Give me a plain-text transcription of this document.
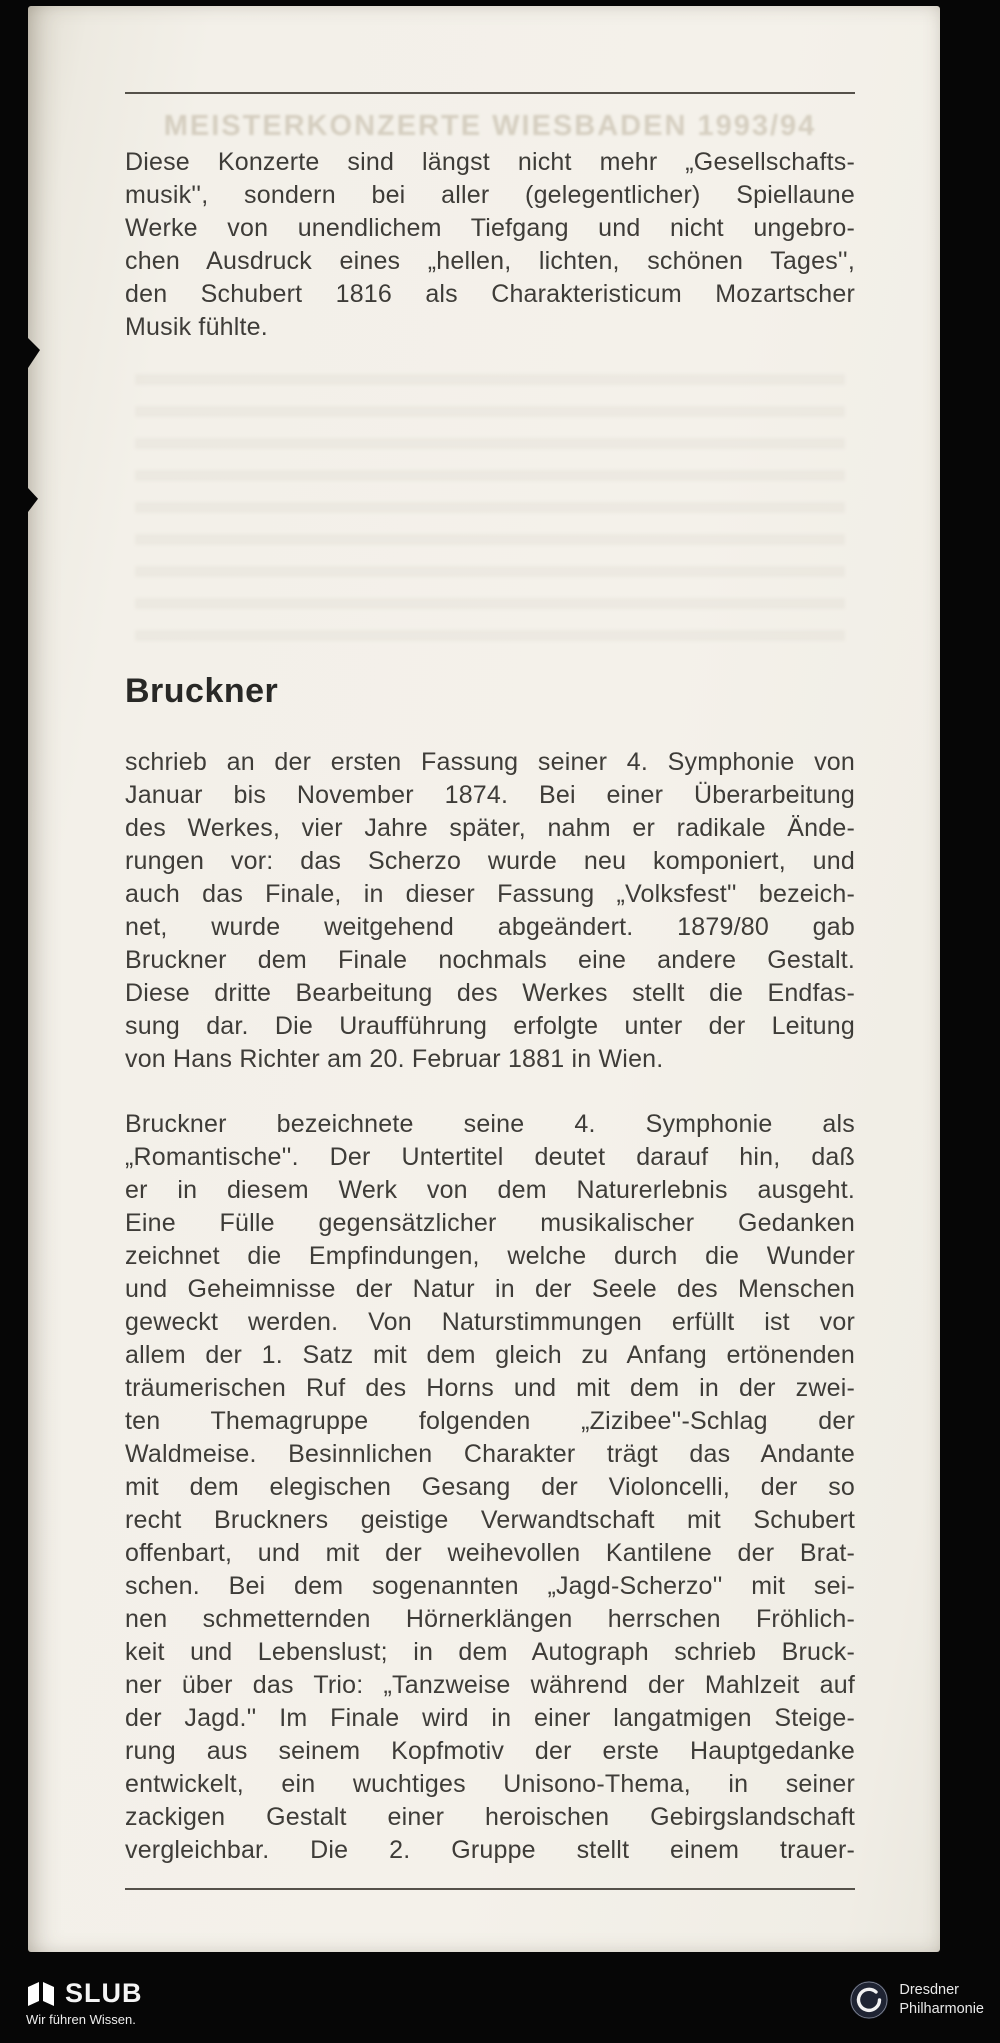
MEISTERKONZERTE WIESBADEN 1993/94
Diese Konzerte sind längst nicht mehr „Gesellschafts-
musik'', sondern bei aller (gelegentlicher) Spiellaune
Werke von unendlichem Tiefgang und nicht ungebro-
chen Ausdruck eines „hellen, lichten, schönen Tages'',
den Schubert 1816 als Charakteristicum Mozartscher
Musik fühlte.
Bruckner
schrieb an der ersten Fassung seiner 4. Symphonie von
Januar bis November 1874. Bei einer Überarbeitung
des Werkes, vier Jahre später, nahm er radikale Ände-
rungen vor: das Scherzo wurde neu komponiert, und
auch das Finale, in dieser Fassung „Volksfest'' bezeich-
net, wurde weitgehend abgeändert. 1879/80 gab
Bruckner dem Finale nochmals eine andere Gestalt.
Diese dritte Bearbeitung des Werkes stellt die Endfas-
sung dar. Die Uraufführung erfolgte unter der Leitung
von Hans Richter am 20. Februar 1881 in Wien.
Bruckner bezeichnete seine 4. Symphonie als
„Romantische''. Der Untertitel deutet darauf hin, daß
er in diesem Werk von dem Naturerlebnis ausgeht.
Eine Fülle gegensätzlicher musikalischer Gedanken
zeichnet die Empfindungen, welche durch die Wunder
und Geheimnisse der Natur in der Seele des Menschen
geweckt werden. Von Naturstimmungen erfüllt ist vor
allem der 1. Satz mit dem gleich zu Anfang ertönenden
träumerischen Ruf des Horns und mit dem in der zwei-
ten Themagruppe folgenden „Zizibee''-Schlag der
Waldmeise. Besinnlichen Charakter trägt das Andante
mit dem elegischen Gesang der Violoncelli, der so
recht Bruckners geistige Verwandtschaft mit Schubert
offenbart, und mit der weihevollen Kantilene der Brat-
schen. Bei dem sogenannten „Jagd-Scherzo'' mit sei-
nen schmetternden Hörnerklängen herrschen Fröhlich-
keit und Lebenslust; in dem Autograph schrieb Bruck-
ner über das Trio: „Tanzweise während der Mahlzeit auf
der Jagd.'' Im Finale wird in einer langatmigen Steige-
rung aus seinem Kopfmotiv der erste Hauptgedanke
entwickelt, ein wuchtiges Unisono-Thema, in seiner
zackigen Gestalt einer heroischen Gebirgslandschaft
vergleichbar. Die 2. Gruppe stellt einem trauer-
SLUB
Wir führen Wissen.
Dresdner
Philharmonie
